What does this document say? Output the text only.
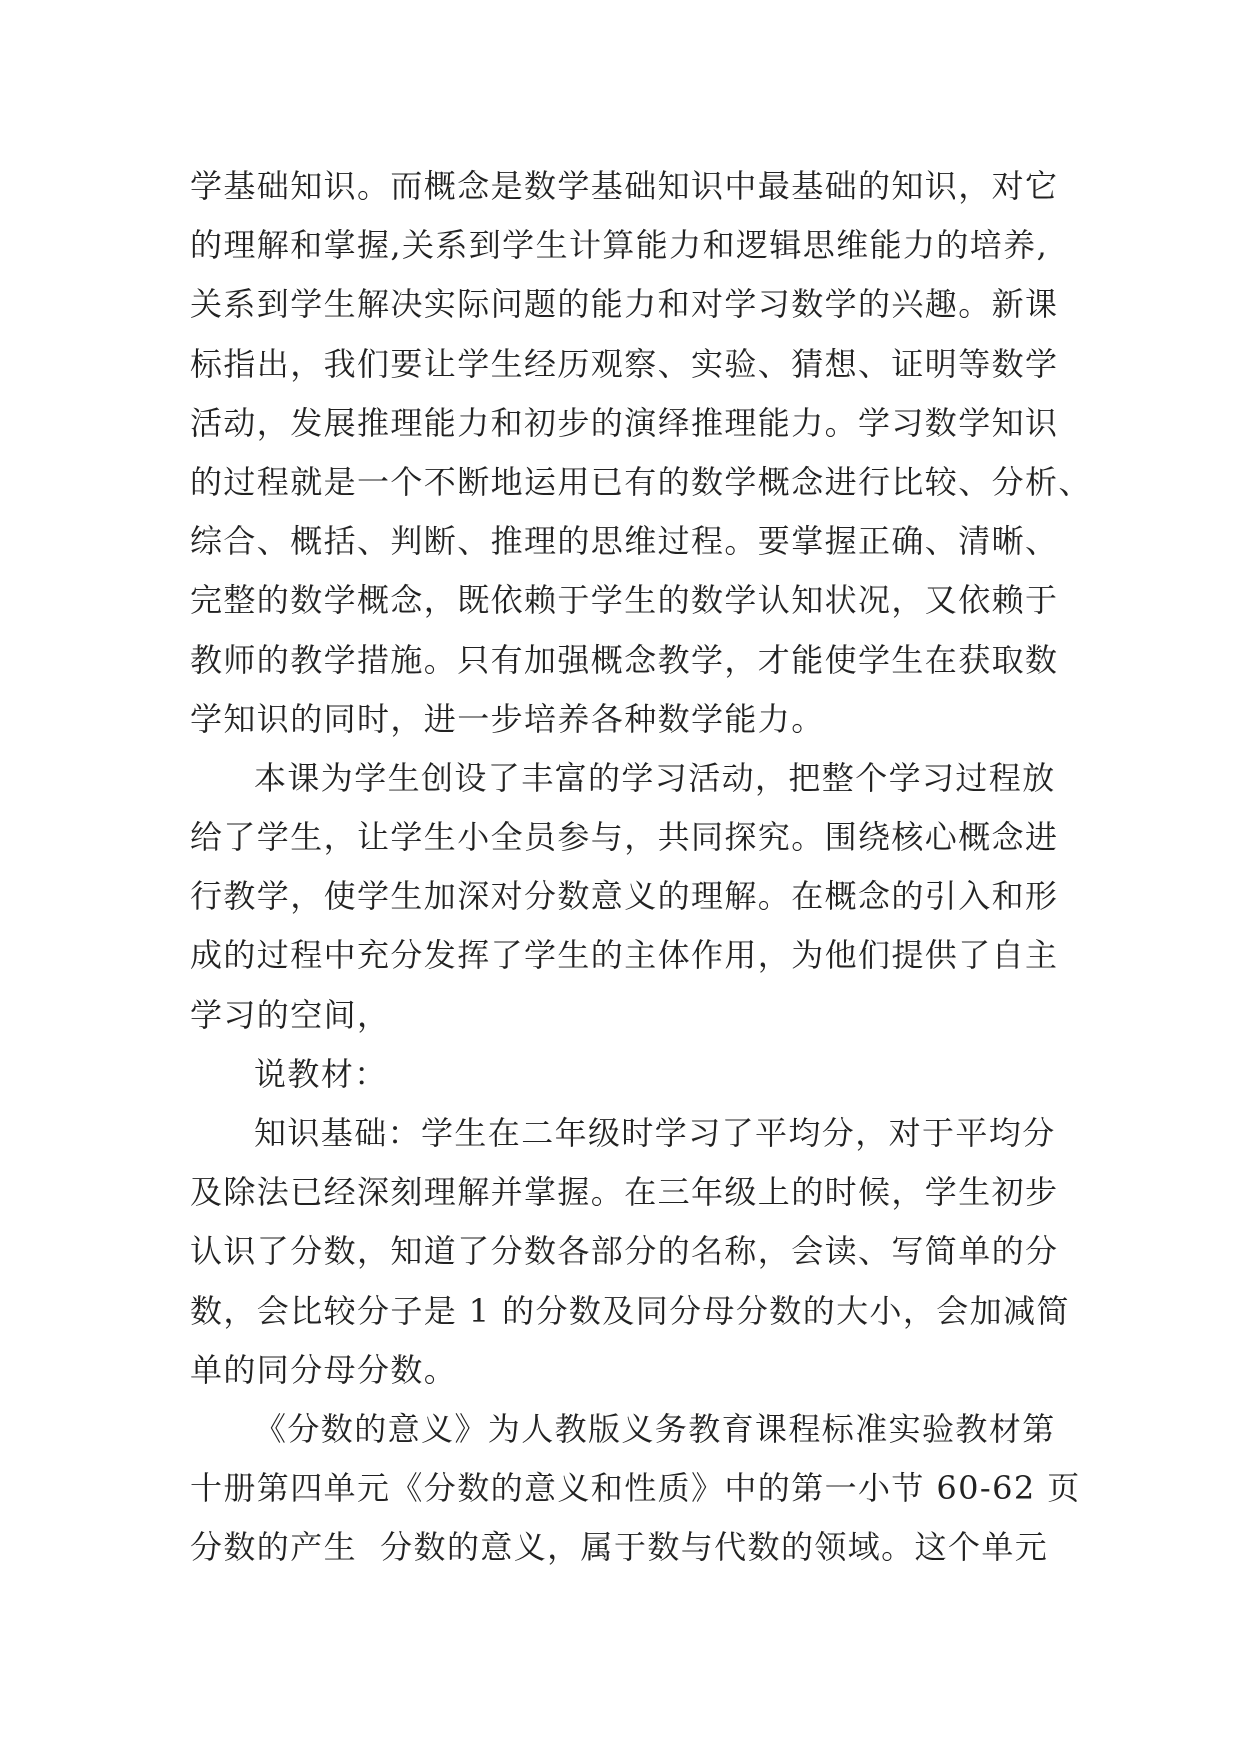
学基础知识。而概念是数学基础知识中最基础的知识，对它
的理解和掌握,关系到学生计算能力和逻辑思维能力的培养,
关系到学生解决实际问题的能力和对学习数学的兴趣。新课
标指出，我们要让学生经历观察、实验、猜想、证明等数学
活动，发展推理能力和初步的演绎推理能力。学习数学知识
的过程就是一个不断地运用已有的数学概念进行比较、分析、
综合、概括、判断、推理的思维过程。要掌握正确、清晰、
完整的数学概念，既依赖于学生的数学认知状况，又依赖于
教师的教学措施。只有加强概念教学，才能使学生在获取数
学知识的同时，进一步培养各种数学能力。
本课为学生创设了丰富的学习活动，把整个学习过程放
给了学生，让学生小全员参与，共同探究。围绕核心概念进
行教学，使学生加深对分数意义的理解。在概念的引入和形
成的过程中充分发挥了学生的主体作用，为他们提供了自主
学习的空间，
说教材：
知识基础：学生在二年级时学习了平均分，对于平均分
及除法已经深刻理解并掌握。在三年级上的时候，学生初步
认识了分数，知道了分数各部分的名称，会读、写简单的分
数，会比较分子是 1 的分数及同分母分数的大小，会加减简
单的同分母分数。
《分数的意义》为人教版义务教育课程标准实验教材第
十册第四单元《分数的意义和性质》中的第一小节 60-62 页
分数的产生  分数的意义，属于数与代数的领域。这个单元
